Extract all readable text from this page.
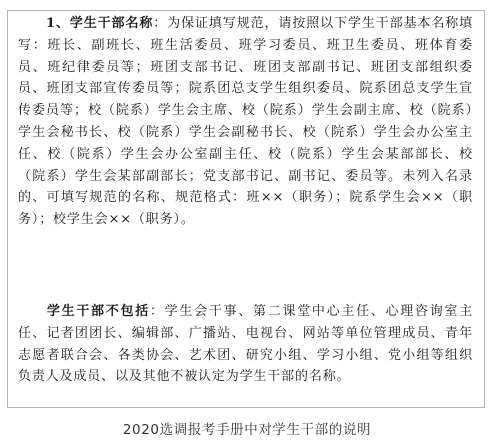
1、学生干部名称：为保证填写规范，请按照以下学生干部基本名称填写：班长、副班长、班生活委员、班学习委员、班卫生委员、班体育委员、班纪律委员等；班团支部书记、班团支部副书记、班团支部组织委员、班团支部宣传委员等；院系团总支学生组织委员、院系团总支学生宣传委员等；校（院系）学生会主席、校（院系）学生会副主席、校（院系）学生会秘书长、校（院系）学生会副秘书长、校（院系）学生会办公室主任、校（院系）学生会办公室副主任、校（院系）学生会某部部长、校（院系）学生会某部副部长；党支部书记、副书记、委员等。未列入名录的、可填写规范的名称、规范格式：班××（职务）；院系学生会××（职务）；校学生会××（职务）。
学生干部不包括：学生会干事、第二课堂中心主任、心理咨询室主任、记者团团长、编辑部、广播站、电视台、网站等单位管理成员、青年志愿者联合会、各类协会、艺术团、研究小组、学习小组、党小组等组织负责人及成员、以及其他不被认定为学生干部的名称。
2020选调报考手册中对学生干部的说明
